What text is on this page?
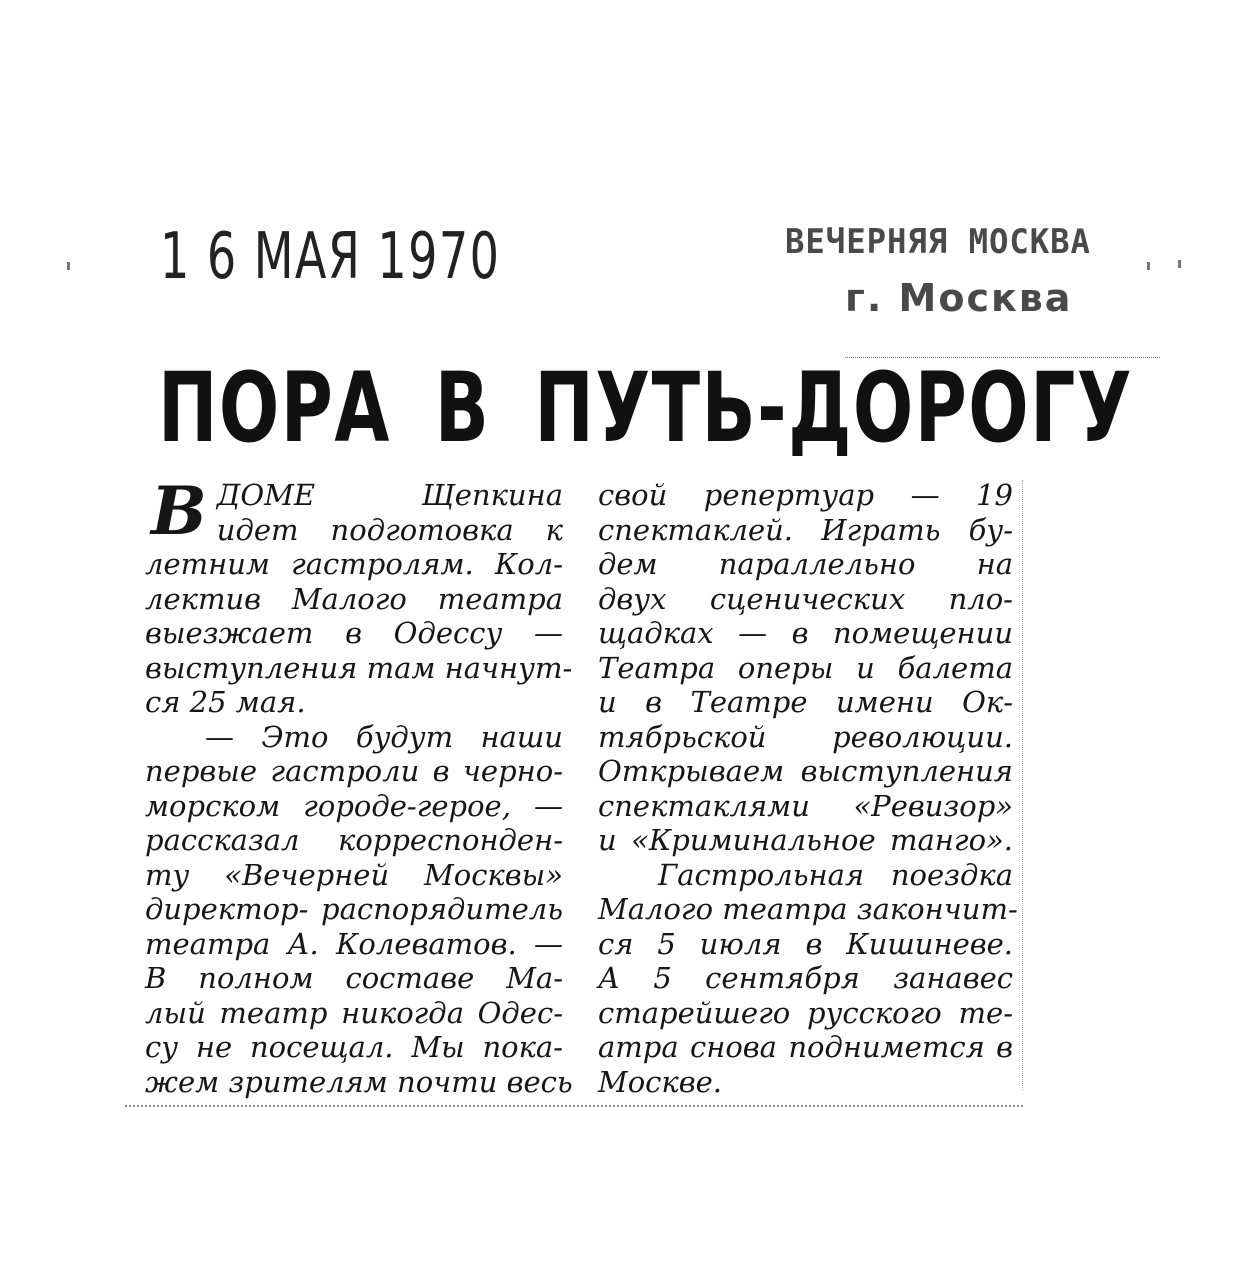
1 6 МАЯ 1970	ВЕЧЕРНЯЯ МОСКВА
г. Москва
ПОРА В ПУТЬ-ДОРОГУ
В ДОМЕ Щепкина
идет подготовка к
летним гастролям. Кол-
лектив Малого театра
выезжает в Одессу —
выступления там начнут-
ся 25 мая.
— Это будут наши
первые гастроли в черно-
морском городе-герое, —
рассказал корреспонден-
ту «Вечерней Москвы»
директор- распорядитель
театра А. Колеватов. —
В полном составе Ма-
лый театр никогда Одес-
су не посещал. Мы пока-
жем зрителям почти весь
свой репертуар — 19
спектаклей. Играть бу-
дем параллельно на
двух сценических пло-
щадках — в помещении
Театра оперы и балета
и в Театре имени Ок-
тябрьской революции.
Открываем выступления
спектаклями «Ревизор»
и «Криминальное танго».
Гастрольная поездка
Малого театра закончит-
ся 5 июля в Кишиневе.
А 5 сентября занавес
старейшего русского те-
атра снова поднимется в
Москве.
